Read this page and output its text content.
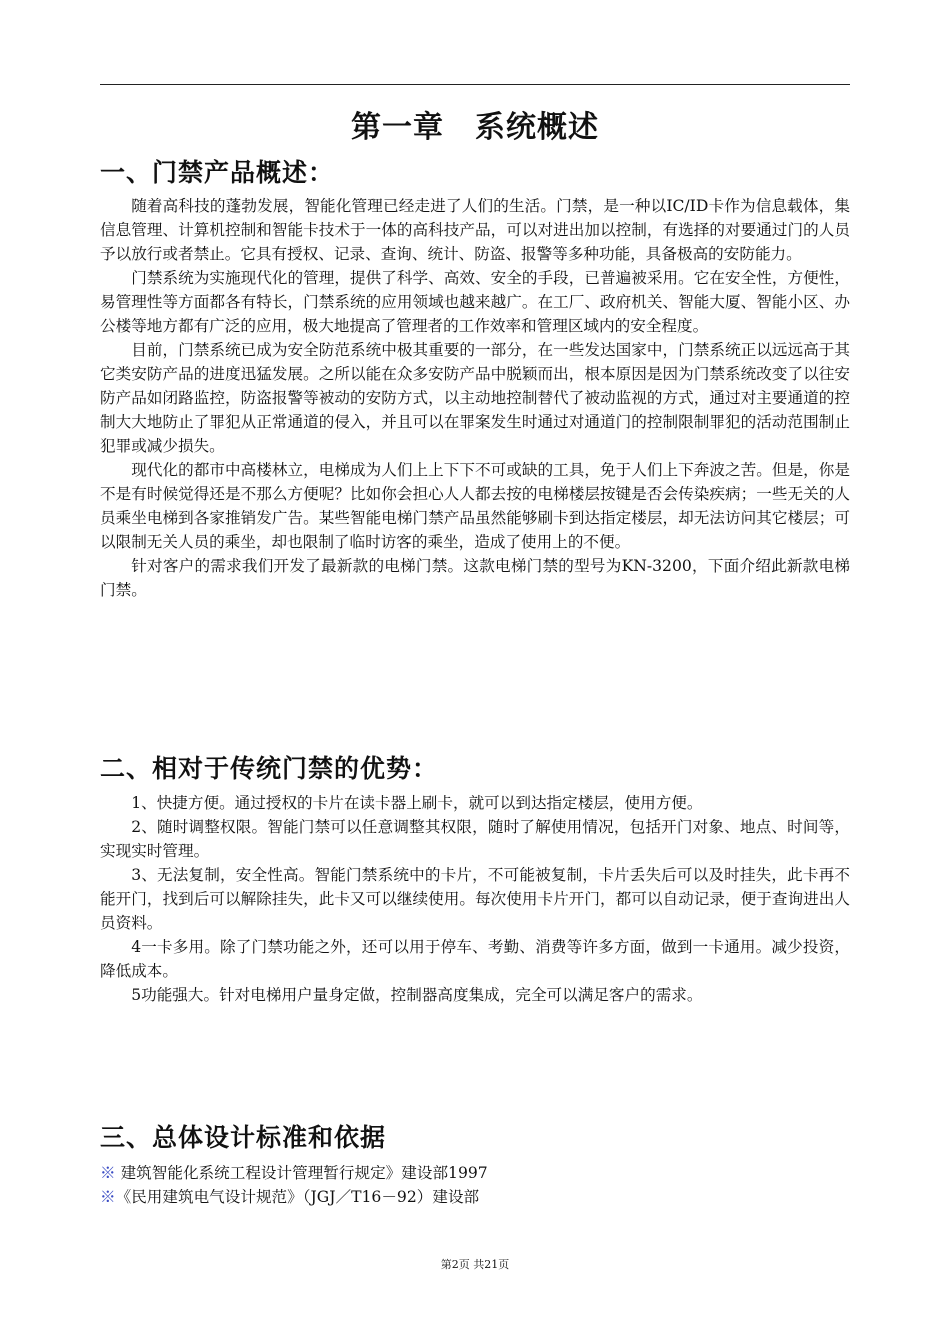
第一章　系统概述
一、门禁产品概述：

随着高科技的蓬勃发展，智能化管理已经走进了人们的生活。门禁，是一种以IC/ID卡作为信息载体，集信息管理、计算机控制和智能卡技术于一体的高科技产品，可以对进出加以控制，有选择的对要通过门的人员予以放行或者禁止。它具有授权、记录、查询、统计、防盗、报警等多种功能，具备极高的安防能力。

门禁系统为实施现代化的管理，提供了科学、高效、安全的手段，已普遍被采用。它在安全性，方便性，易管理性等方面都各有特长，门禁系统的应用领域也越来越广。在工厂、政府机关、智能大厦、智能小区、办公楼等地方都有广泛的应用，极大地提高了管理者的工作效率和管理区域内的安全程度。

目前，门禁系统已成为安全防范系统中极其重要的一部分，在一些发达国家中，门禁系统正以远远高于其它类安防产品的进度迅猛发展。之所以能在众多安防产品中脱颖而出，根本原因是因为门禁系统改变了以往安防产品如闭路监控，防盗报警等被动的安防方式，以主动地控制替代了被动监视的方式，通过对主要通道的控制大大地防止了罪犯从正常通道的侵入，并且可以在罪案发生时通过对通道门的控制限制罪犯的活动范围制止犯罪或减少损失。

现代化的都市中高楼林立，电梯成为人们上上下下不可或缺的工具，免于人们上下奔波之苦。但是，你是不是有时候觉得还是不那么方便呢？比如你会担心人人都去按的电梯楼层按键是否会传染疾病；一些无关的人员乘坐电梯到各家推销发广告。某些智能电梯门禁产品虽然能够刷卡到达指定楼层，却无法访问其它楼层；可以限制无关人员的乘坐，却也限制了临时访客的乘坐，造成了使用上的不便。

针对客户的需求我们开发了最新款的电梯门禁。这款电梯门禁的型号为KN-3200，下面介绍此新款电梯门禁。

二、相对于传统门禁的优势：

1、快捷方便。通过授权的卡片在读卡器上刷卡，就可以到达指定楼层，使用方便。

2、随时调整权限。智能门禁可以任意调整其权限，随时了解使用情况，包括开门对象、地点、时间等，实现实时管理。

3、无法复制，安全性高。智能门禁系统中的卡片，不可能被复制，卡片丢失后可以及时挂失，此卡再不能开门，找到后可以解除挂失，此卡又可以继续使用。每次使用卡片开门，都可以自动记录，便于查询进出人员资料。

4一卡多用。除了门禁功能之外，还可以用于停车、考勤、消费等许多方面，做到一卡通用。减少投资，降低成本。

5功能强大。针对电梯用户量身定做，控制器高度集成，完全可以满足客户的需求。

三、总体设计标准和依据

※ 建筑智能化系统工程设计管理暂行规定》建设部1997

※《民用建筑电气设计规范》（JGJ／T16－92）建设部

第2页 共21页
